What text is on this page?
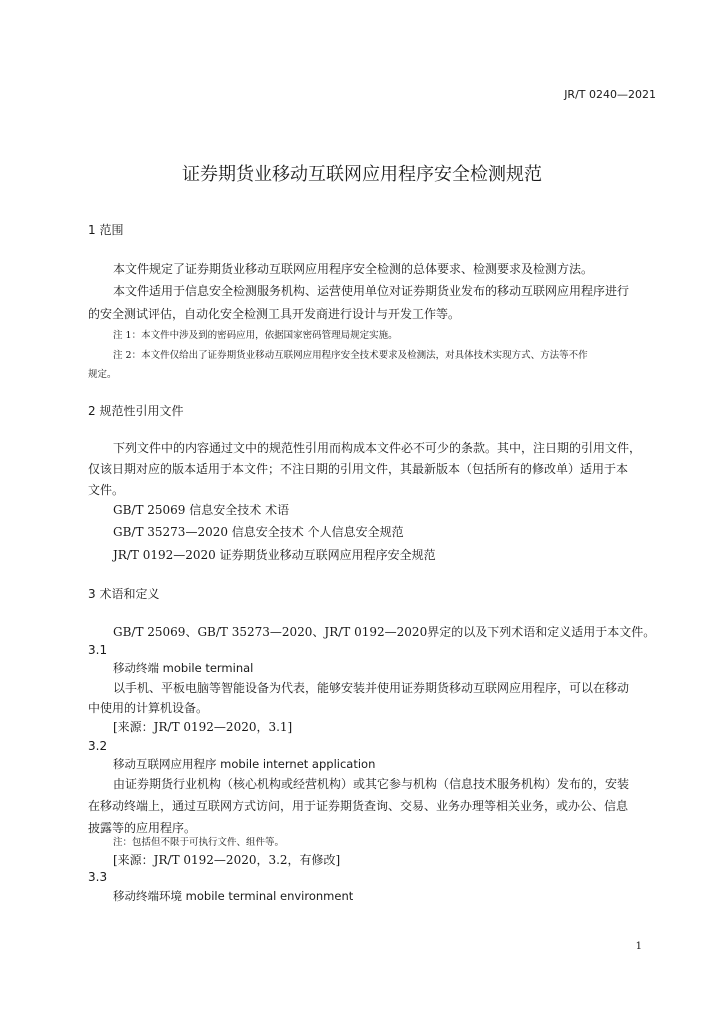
JR/T 0240—2021
证券期货业移动互联网应用程序安全检测规范
1 范围
本文件规定了证券期货业移动互联网应用程序安全检测的总体要求、检测要求及检测方法。
本文件适用于信息安全检测服务机构、运营使用单位对证券期货业发布的移动互联网应用程序进行
的安全测试评估，自动化安全检测工具开发商进行设计与开发工作等。
注 1：本文件中涉及到的密码应用，依据国家密码管理局规定实施。
注 2：本文件仅给出了证券期货业移动互联网应用程序安全技术要求及检测法，对具体技术实现方式、方法等不作
规定。
2 规范性引用文件
下列文件中的内容通过文中的规范性引用而构成本文件必不可少的条款。其中，注日期的引用文件，
仅该日期对应的版本适用于本文件；不注日期的引用文件，其最新版本（包括所有的修改单）适用于本
文件。
GB/T 25069 信息安全技术 术语
GB/T 35273—2020 信息安全技术 个人信息安全规范
JR/T 0192—2020 证券期货业移动互联网应用程序安全规范
3 术语和定义
GB/T 25069、GB/T 35273—2020、JR/T 0192—2020界定的以及下列术语和定义适用于本文件。
3.1
移动终端 mobile terminal
以手机、平板电脑等智能设备为代表，能够安装并使用证券期货移动互联网应用程序，可以在移动
中使用的计算机设备。
[来源：JR/T 0192—2020，3.1]
3.2
移动互联网应用程序 mobile internet application
由证券期货行业机构（核心机构或经营机构）或其它参与机构（信息技术服务机构）发布的，安装
在移动终端上，通过互联网方式访问，用于证券期货查询、交易、业务办理等相关业务，或办公、信息
披露等的应用程序。
注：包括但不限于可执行文件、组件等。
[来源：JR/T 0192—2020，3.2，有修改]
3.3
移动终端环境 mobile terminal environment
1
